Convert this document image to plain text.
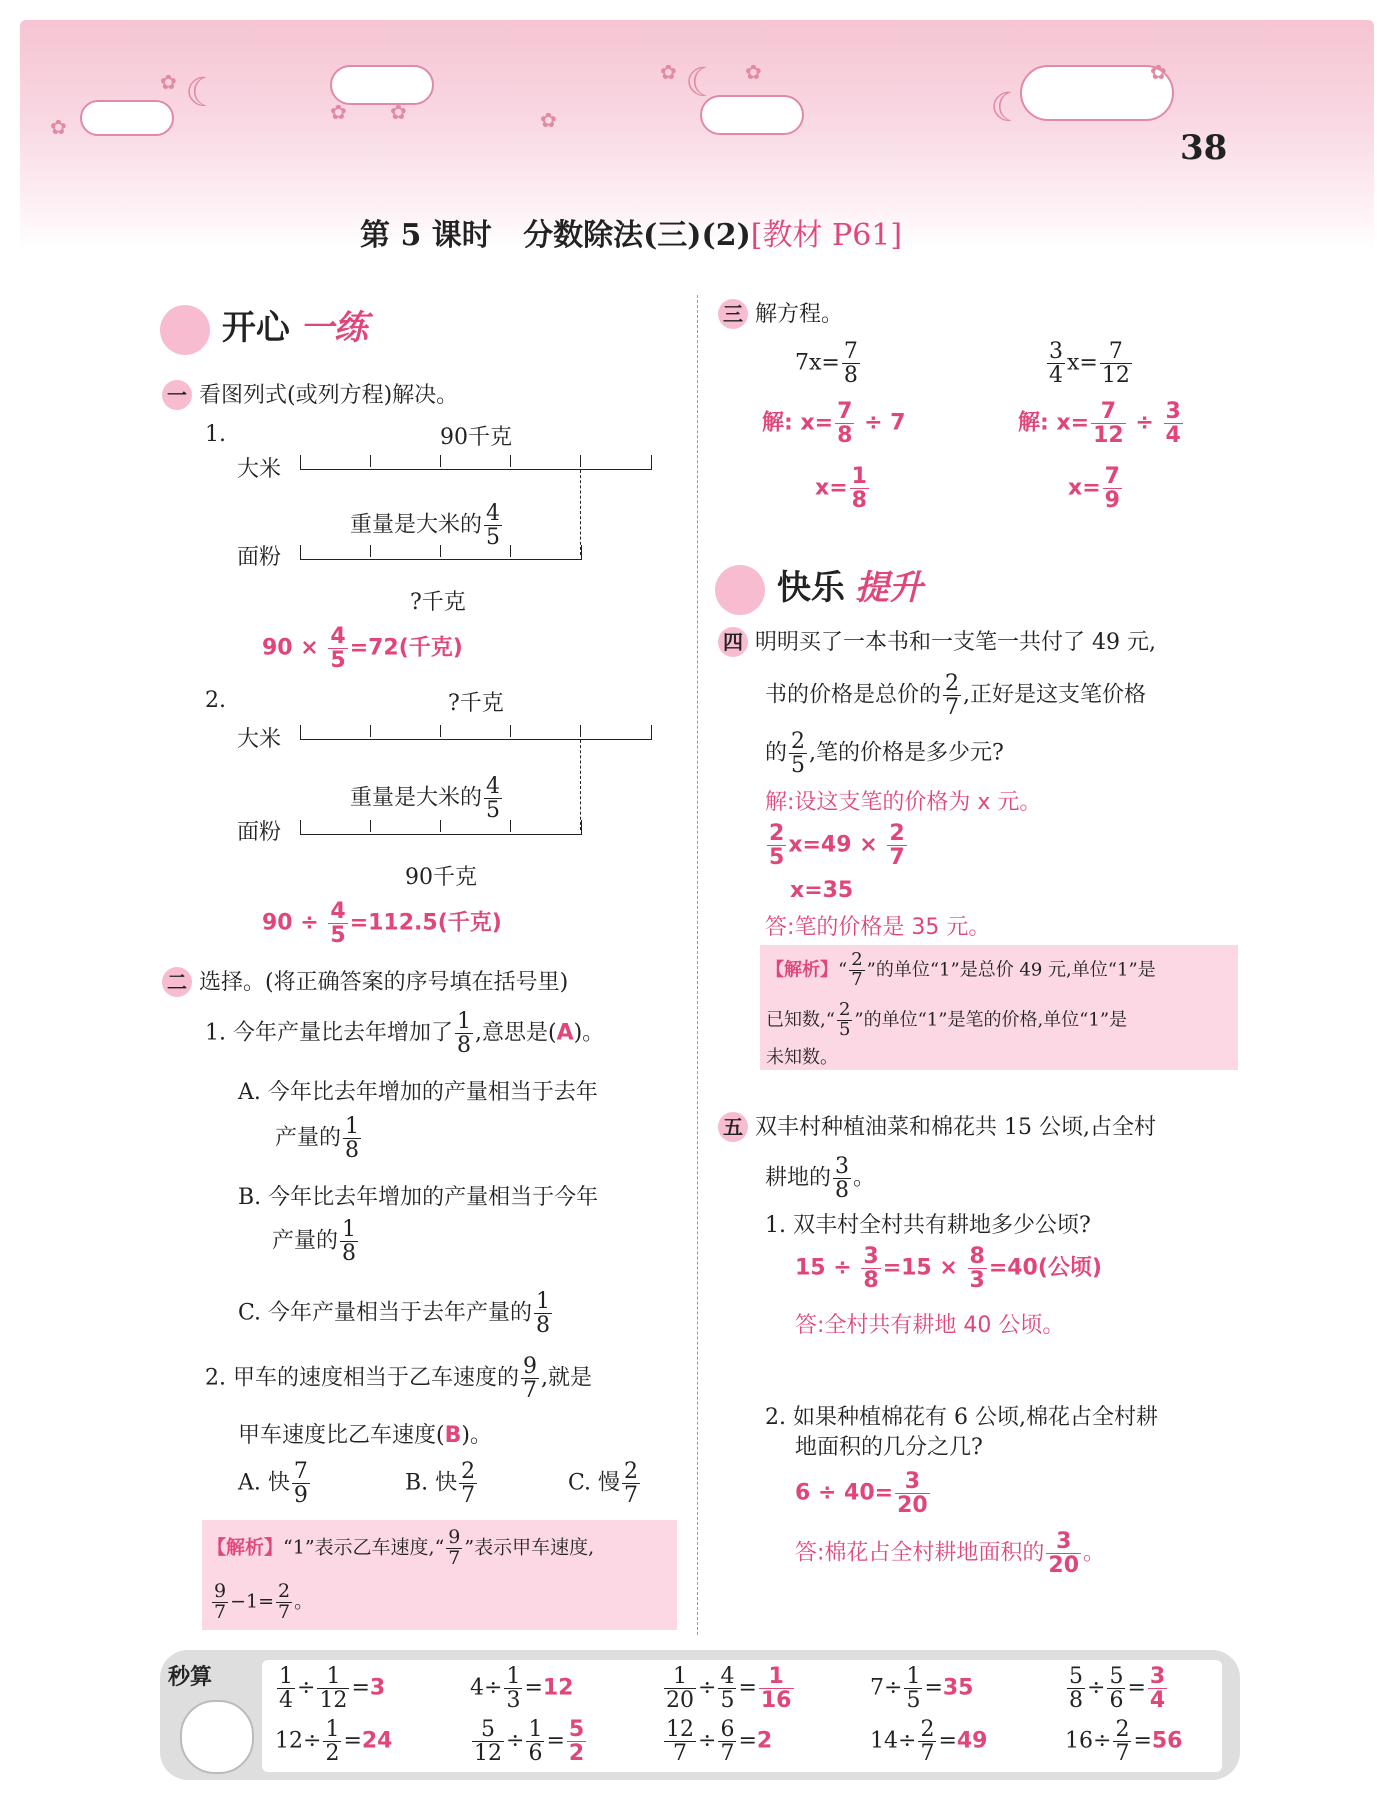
☾	☾
☾
✿
✿
✿ ✿	✿
✿	✿	✿
38
第 5 课时 分数除法(三)(2)[教材 P61]
开心 一练
一 看图列式(或列方程)解决。
1.	90千克
大米
重量是大米的 $\frac{4}{5}$
面粉
?千克
$90 \times \frac{4}{5} =72$(千克)
2.	?千克
大米
重量是大米的 $\frac{4}{5}$
面粉
90千克
$90 \div \frac{4}{5} =112.5$(千克)
二 选择。(将正确答案的序号填在括号里)
1. 今年产量比去年增加了 $\frac{1}{8}$ ,意思是(A)。
A. 今年比去年增加的产量相当于去年
产量的 $\frac{1}{8}$
B. 今年比去年增加的产量相当于今年
产量的 $\frac{1}{8}$
C. 今年产量相当于去年产量的 $\frac{1}{8}$
2. 甲车的速度相当于乙车速度的 $\frac{9}{7}$ ,就是
甲车速度比乙车速度(B)。
A. 快 $\frac{7}{9}$	B. 快 $\frac{2}{7}$	C. 慢 $\frac{2}{7}$
【解析】“1”表示乙车速度,“ $\frac{9}{7}$ ”表示甲车速度,
$\frac{9}{7} -1= \frac{2}{7}$ 。
三 解方程。
$7x= \frac{7}{8}$
解: $x= \frac{7}{8} \div 7$
$x= \frac{1}{8}$
$\frac{3}{4} x= \frac{7}{12}$
解: $x= \frac{7}{12} \div \frac{3}{4}$
$x= \frac{7}{9}$
快乐 提升
四 明明买了一本书和一支笔一共付了 49 元,
书的价格是总价的 $\frac{2}{7}$ ,正好是这支笔价格
的 $\frac{2}{5}$ ,笔的价格是多少元?
解:设这支笔的价格为 x 元。
$\frac{2}{5} x=49 \times \frac{2}{7}$
x=35
答:笔的价格是 35 元。
【解析】“ $\frac{2}{7}$ ”的单位“1”是总价 49 元,单位“1”是
已知数,“ $\frac{2}{5}$ ”的单位“1”是笔的价格,单位“1”是
未知数。
五 双丰村种植油菜和棉花共 15 公顷,占全村
耕地的 $\frac{3}{8}$ 。
1. 双丰村全村共有耕地多少公顷?
$15 \div \frac{3}{8} =15 \times \frac{8}{3} =40$(公顷)
答:全村共有耕地 40 公顷。
2. 如果种植棉花有 6 公顷,棉花占全村耕
地面积的几分之几?
$6 \div 40= \frac{3}{20}$
答:棉花占全村耕地面积的 $\frac{3}{20}$ 。
秒算	$\frac{1}{4} \div \frac{1}{12} =3$	$4\div \frac{1}{3} =12$	$\frac{1}{20} \div \frac{4}{5} = \frac{1}{16}$	$7\div \frac{1}{5} =35$	$\frac{5}{8} \div \frac{5}{6} = \frac{3}{4}$
$12\div \frac{1}{2} =24$	$\frac{5}{12} \div \frac{1}{6} = \frac{5}{2}$	$\frac{12}{7} \div \frac{6}{7} =2$	$14\div \frac{2}{7} =49$	$16\div \frac{2}{7} =56$
